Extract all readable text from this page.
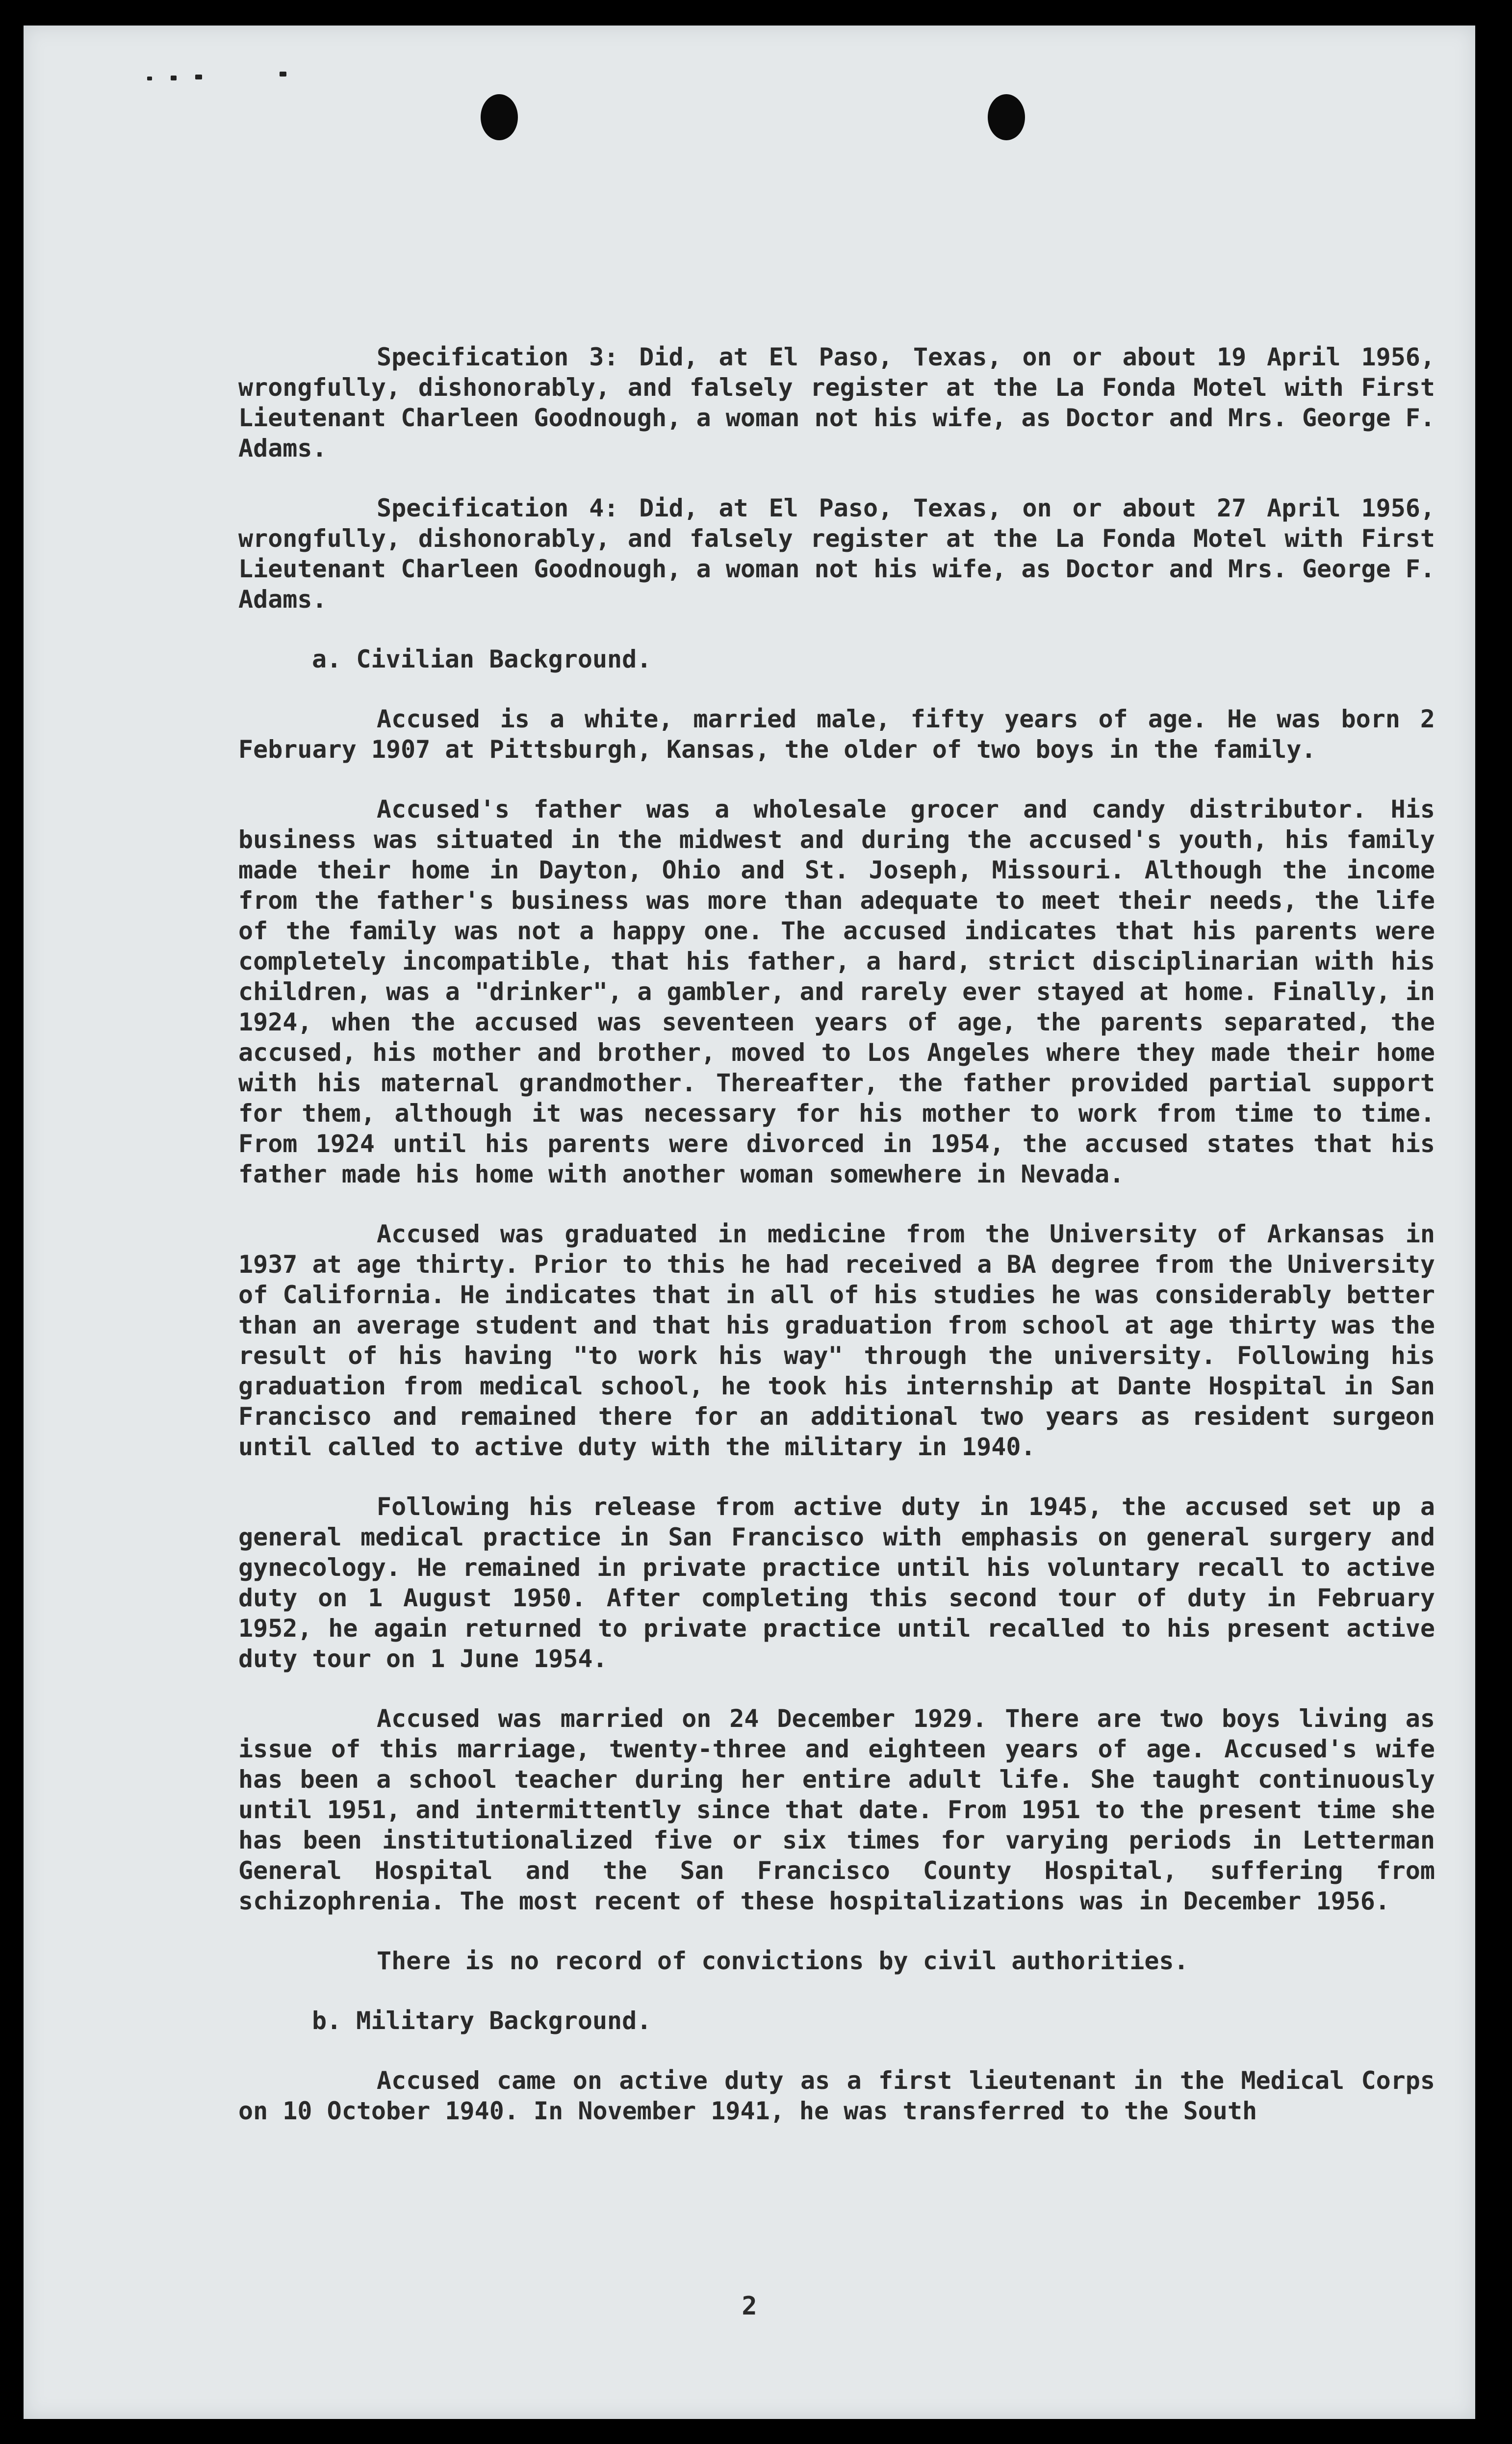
Specification 3: Did, at El Paso, Texas, on or about 19 April 1956, wrongfully, dishonorably, and falsely register at the La Fonda Motel with First Lieutenant Charleen Goodnough, a woman not his wife, as Doctor and Mrs. George F. Adams.

Specification 4: Did, at El Paso, Texas, on or about 27 April 1956, wrongfully, dishonorably, and falsely register at the La Fonda Motel with First Lieutenant Charleen Goodnough, a woman not his wife, as Doctor and Mrs. George F. Adams.

a. Civilian Background.

Accused is a white, married male, fifty years of age. He was born 2 February 1907 at Pittsburgh, Kansas, the older of two boys in the family.

Accused's father was a wholesale grocer and candy distributor. His business was situated in the midwest and during the accused's youth, his family made their home in Dayton, Ohio and St. Joseph, Missouri. Although the income from the father's business was more than adequate to meet their needs, the life of the family was not a happy one. The accused indicates that his parents were completely incompatible, that his father, a hard, strict disciplinarian with his children, was a "drinker", a gambler, and rarely ever stayed at home. Finally, in 1924, when the accused was seventeen years of age, the parents separated, the accused, his mother and brother, moved to Los Angeles where they made their home with his maternal grandmother. Thereafter, the father provided partial support for them, although it was necessary for his mother to work from time to time. From 1924 until his parents were divorced in 1954, the accused states that his father made his home with another woman somewhere in Nevada.

Accused was graduated in medicine from the University of Arkansas in 1937 at age thirty. Prior to this he had received a BA degree from the University of California. He indicates that in all of his studies he was considerably better than an average student and that his graduation from school at age thirty was the result of his having "to work his way" through the university. Following his graduation from medical school, he took his internship at Dante Hospital in San Francisco and remained there for an additional two years as resident surgeon until called to active duty with the military in 1940.

Following his release from active duty in 1945, the accused set up a general medical practice in San Francisco with emphasis on general surgery and gynecology. He remained in private practice until his voluntary recall to active duty on 1 August 1950. After completing this second tour of duty in February 1952, he again returned to private practice until recalled to his present active duty tour on 1 June 1954.

Accused was married on 24 December 1929. There are two boys living as issue of this marriage, twenty-three and eighteen years of age. Accused's wife has been a school teacher during her entire adult life. She taught continuously until 1951, and intermittently since that date. From 1951 to the present time she has been institutionalized five or six times for varying periods in Letterman General Hospital and the San Francisco County Hospital, suffering from schizophrenia. The most recent of these hospitalizations was in December 1956.

There is no record of convictions by civil authorities.

b. Military Background.

Accused came on active duty as a first lieutenant in the Medical Corps on 10 October 1940. In November 1941, he was transferred to the South

2
